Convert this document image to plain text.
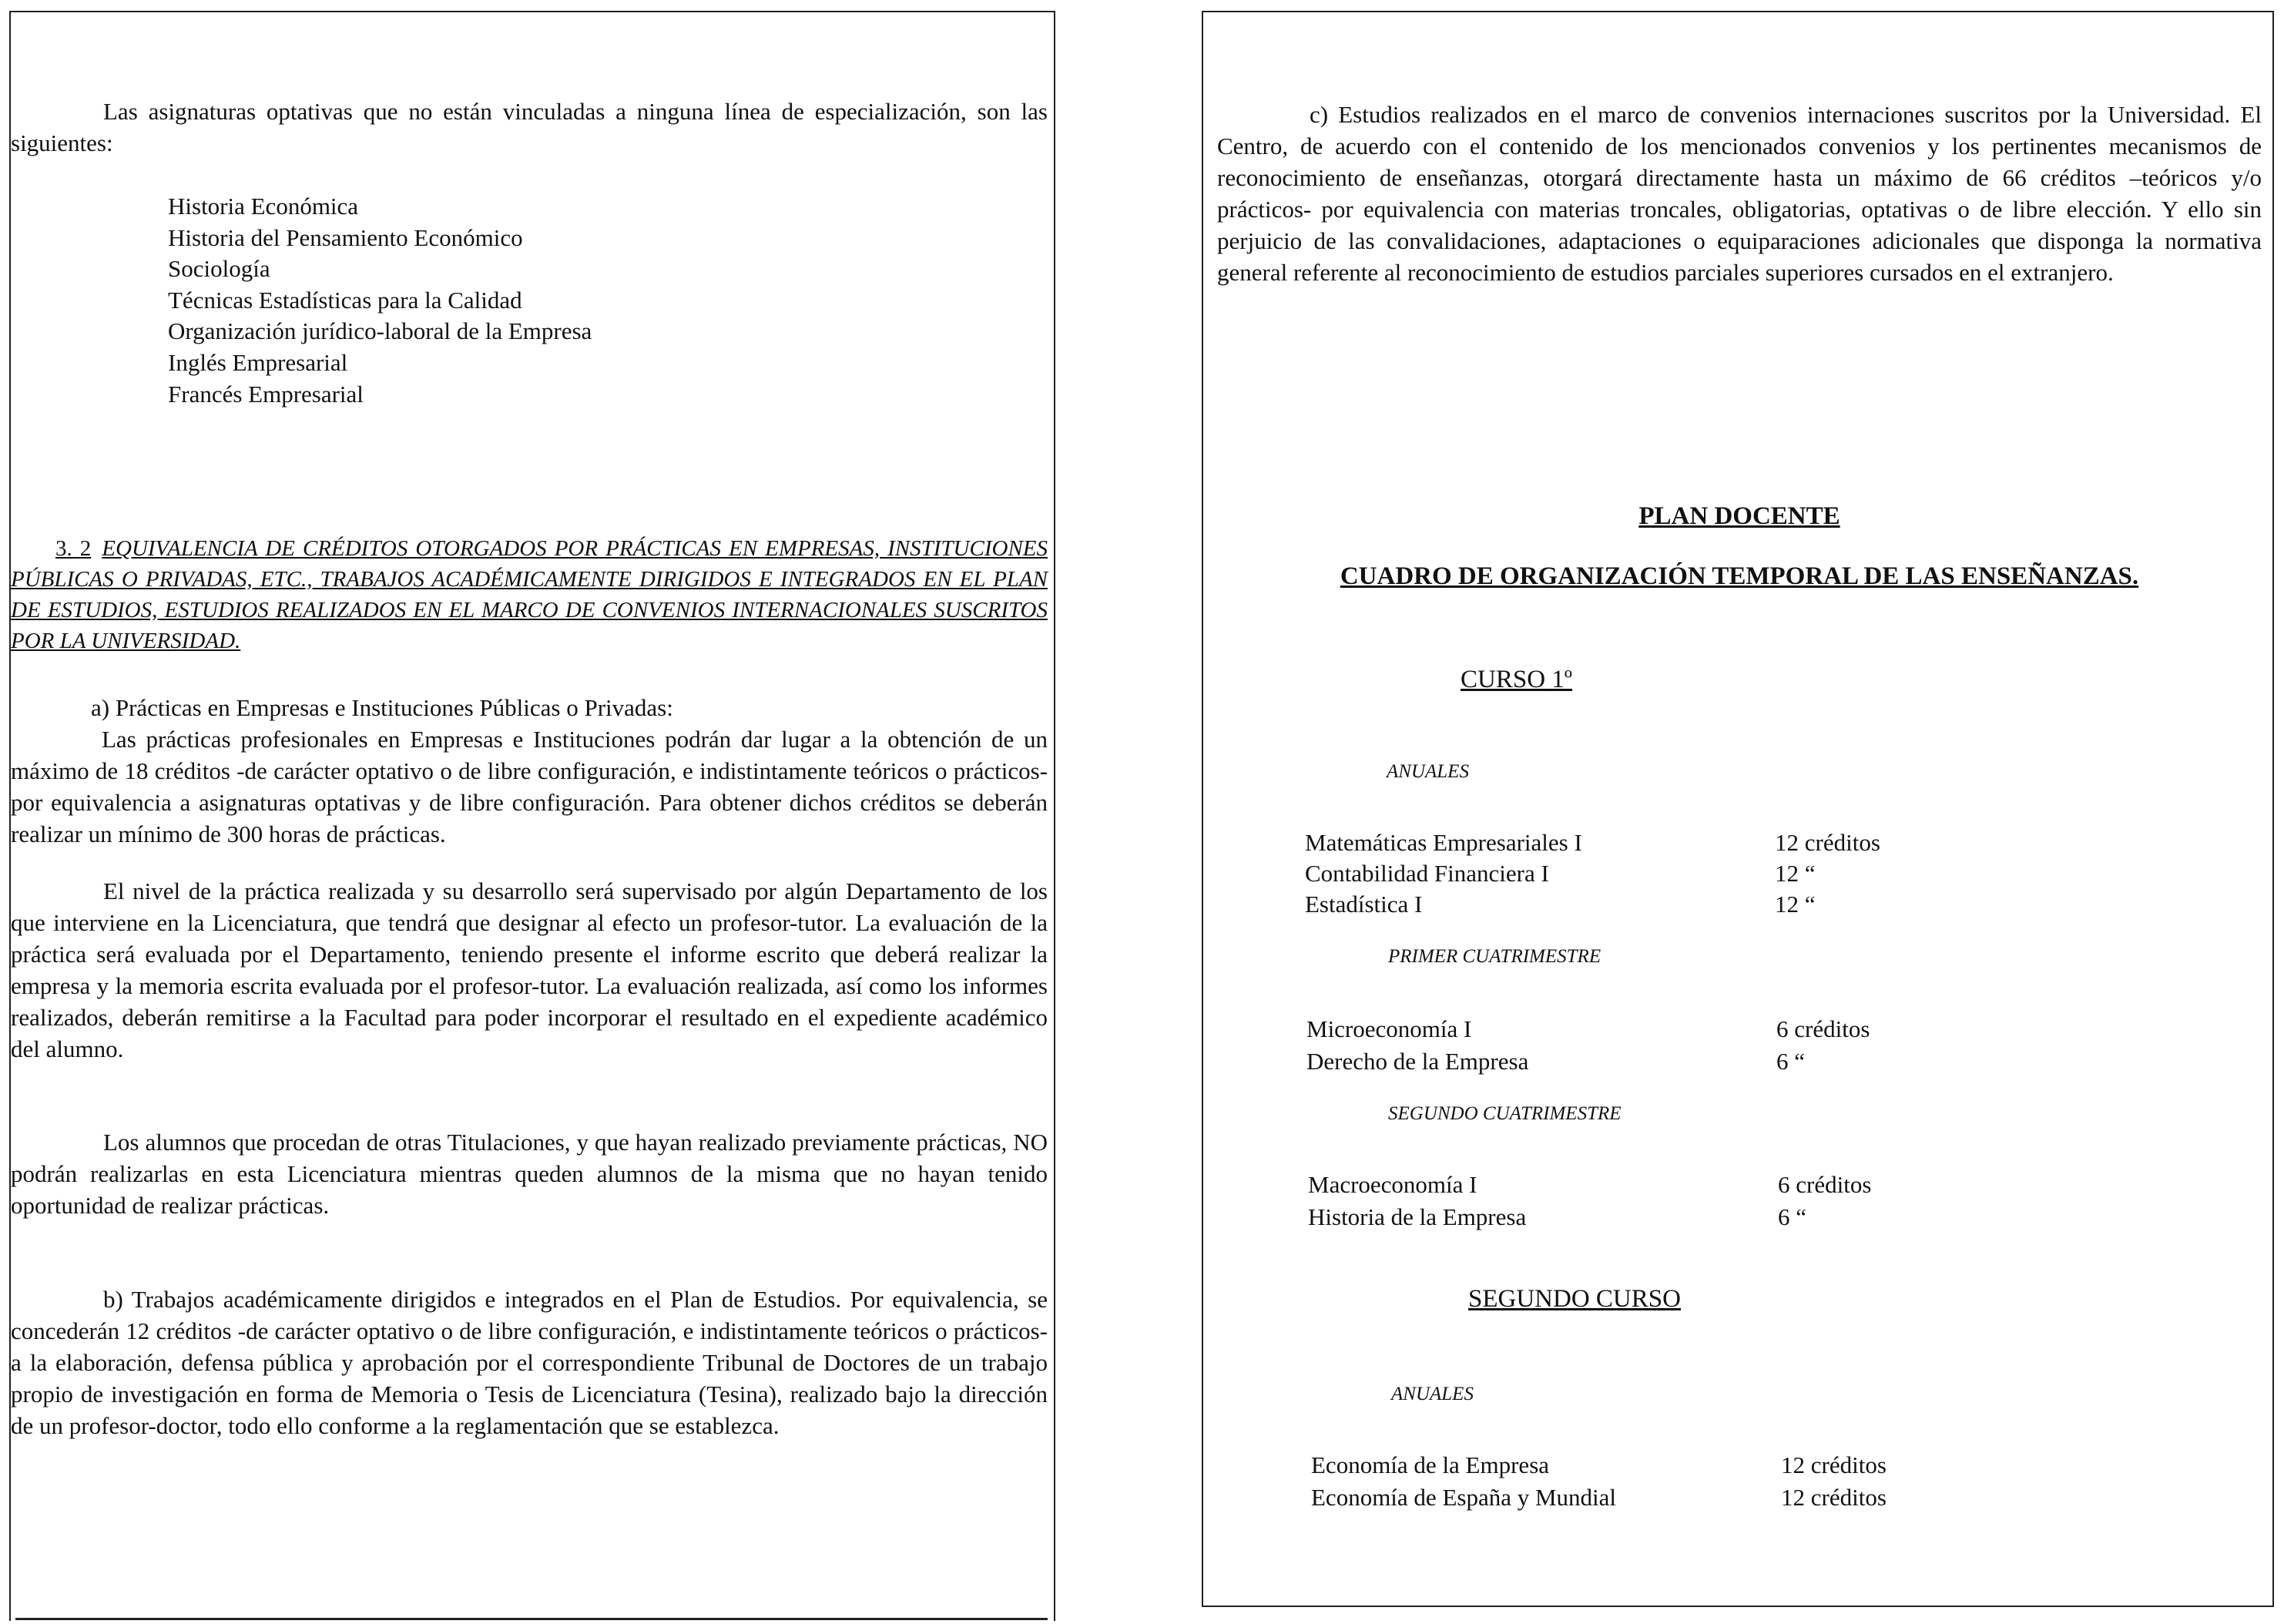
Las asignaturas optativas que no están vinculadas a ninguna línea de especialización, son las siguientes:

Historia Económica
Historia del Pensamiento Económico
Sociología
Técnicas Estadísticas para la Calidad
Organización jurídico-laboral de la Empresa
Inglés Empresarial
Francés Empresarial

3. 2 EQUIVALENCIA DE CRÉDITOS OTORGADOS POR PRÁCTICAS EN EMPRESAS, INSTITUCIONES PÚBLICAS O PRIVADAS, ETC., TRABAJOS ACADÉMICAMENTE DIRIGIDOS E INTEGRADOS EN EL PLAN DE ESTUDIOS, ESTUDIOS REALIZADOS EN EL MARCO DE CONVENIOS INTERNACIONALES SUSCRITOS POR LA UNIVERSIDAD.

a) Prácticas en Empresas e Instituciones Públicas o Privadas:

Las prácticas profesionales en Empresas e Instituciones podrán dar lugar a la obtención de un máximo de 18 créditos -de carácter optativo o de libre configuración, e indistintamente teóricos o prácticos- por equivalencia a asignaturas optativas y de libre configuración. Para obtener dichos créditos se deberán realizar un mínimo de 300 horas de prácticas.

El nivel de la práctica realizada y su desarrollo será supervisado por algún Departamento de los que interviene en la Licenciatura, que tendrá que designar al efecto un profesor-tutor. La evaluación de la práctica será evaluada por el Departamento, teniendo presente el informe escrito que deberá realizar la empresa y la memoria escrita evaluada por el profesor-tutor. La evaluación realizada, así como los informes realizados, deberán remitirse a la Facultad para poder incorporar el resultado en el expediente académico del alumno.

Los alumnos que procedan de otras Titulaciones, y que hayan realizado previamente prácticas, NO podrán realizarlas en esta Licenciatura mientras queden alumnos de la misma que no hayan tenido oportunidad de realizar prácticas.

b) Trabajos académicamente dirigidos e integrados en el Plan de Estudios. Por equivalencia, se concederán 12 créditos -de carácter optativo o de libre configuración, e indistintamente teóricos o prácticos- a la elaboración, defensa pública y aprobación por el correspondiente Tribunal de Doctores de un trabajo propio de investigación en forma de Memoria o Tesis de Licenciatura (Tesina), realizado bajo la dirección de un profesor-doctor, todo ello conforme a la reglamentación que se establezca.

c) Estudios realizados en el marco de convenios internaciones suscritos por la Universidad. El Centro, de acuerdo con el contenido de los mencionados convenios y los pertinentes mecanismos de reconocimiento de enseñanzas, otorgará directamente hasta un máximo de 66 créditos –teóricos y/o prácticos- por equivalencia con materias troncales, obligatorias, optativas o de libre elección. Y ello sin perjuicio de las convalidaciones, adaptaciones o equiparaciones adicionales que disponga la normativa general referente al reconocimiento de estudios parciales superiores cursados en el extranjero.

PLAN DOCENTE
CUADRO DE ORGANIZACIÓN TEMPORAL DE LAS ENSEÑANZAS.
CURSO 1º
ANUALES
Matemáticas Empresariales I	12 créditos
Contabilidad Financiera I	12 “
Estadística I	12 “
PRIMER CUATRIMESTRE
Microeconomía I	6 créditos
Derecho de la Empresa	6 “
SEGUNDO CUATRIMESTRE
Macroeconomía I	6 créditos
Historia de la Empresa	6 “
SEGUNDO CURSO
ANUALES
Economía de la Empresa	12 créditos
Economía de España y Mundial	12 créditos
